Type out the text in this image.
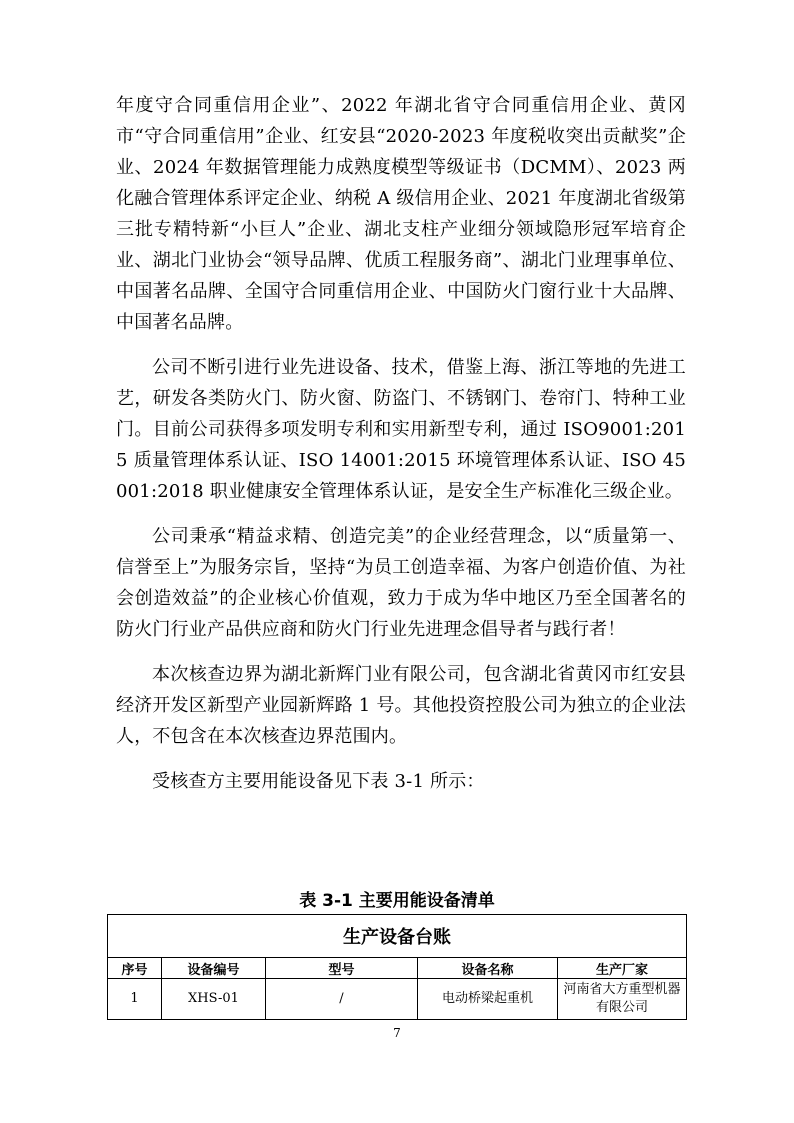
年度守合同重信用企业”、2022 年湖北省守合同重信用企业、黄冈市“守合同重信用”企业、红安县“2020-2023 年度税收突出贡献奖”企业、2024 年数据管理能力成熟度模型等级证书（DCMM）、2023 两化融合管理体系评定企业、纳税 A 级信用企业、2021 年度湖北省级第三批专精特新“小巨人”企业、湖北支柱产业细分领域隐形冠军培育企业、湖北门业协会“领导品牌、优质工程服务商”、湖北门业理事单位、中国著名品牌、全国守合同重信用企业、中国防火门窗行业十大品牌、中国著名品牌。

公司不断引进行业先进设备、技术，借鉴上海、浙江等地的先进工艺，研发各类防火门、防火窗、防盗门、不锈钢门、卷帘门、特种工业门。目前公司获得多项发明专利和实用新型专利，通过 ISO9001:2015 质量管理体系认证、ISO 14001:2015 环境管理体系认证、ISO 45001:2018 职业健康安全管理体系认证，是安全生产标准化三级企业。

公司秉承“精益求精、创造完美”的企业经营理念，以“质量第一、信誉至上”为服务宗旨，坚持“为员工创造幸福、为客户创造价值、为社会创造效益”的企业核心价值观，致力于成为华中地区乃至全国著名的防火门行业产品供应商和防火门行业先进理念倡导者与践行者！

本次核查边界为湖北新辉门业有限公司，包含湖北省黄冈市红安县经济开发区新型产业园新辉路 1 号。其他投资控股公司为独立的企业法人，不包含在本次核查边界范围内。

受核查方主要用能设备见下表 3-1 所示：

表 3-1 主要用能设备清单
生产设备台账				
序号	设备编号	型号	设备名称	生产厂家
1	XHS-01	/	电动桥梁起重机	河南省大方重型机器有限公司
7
